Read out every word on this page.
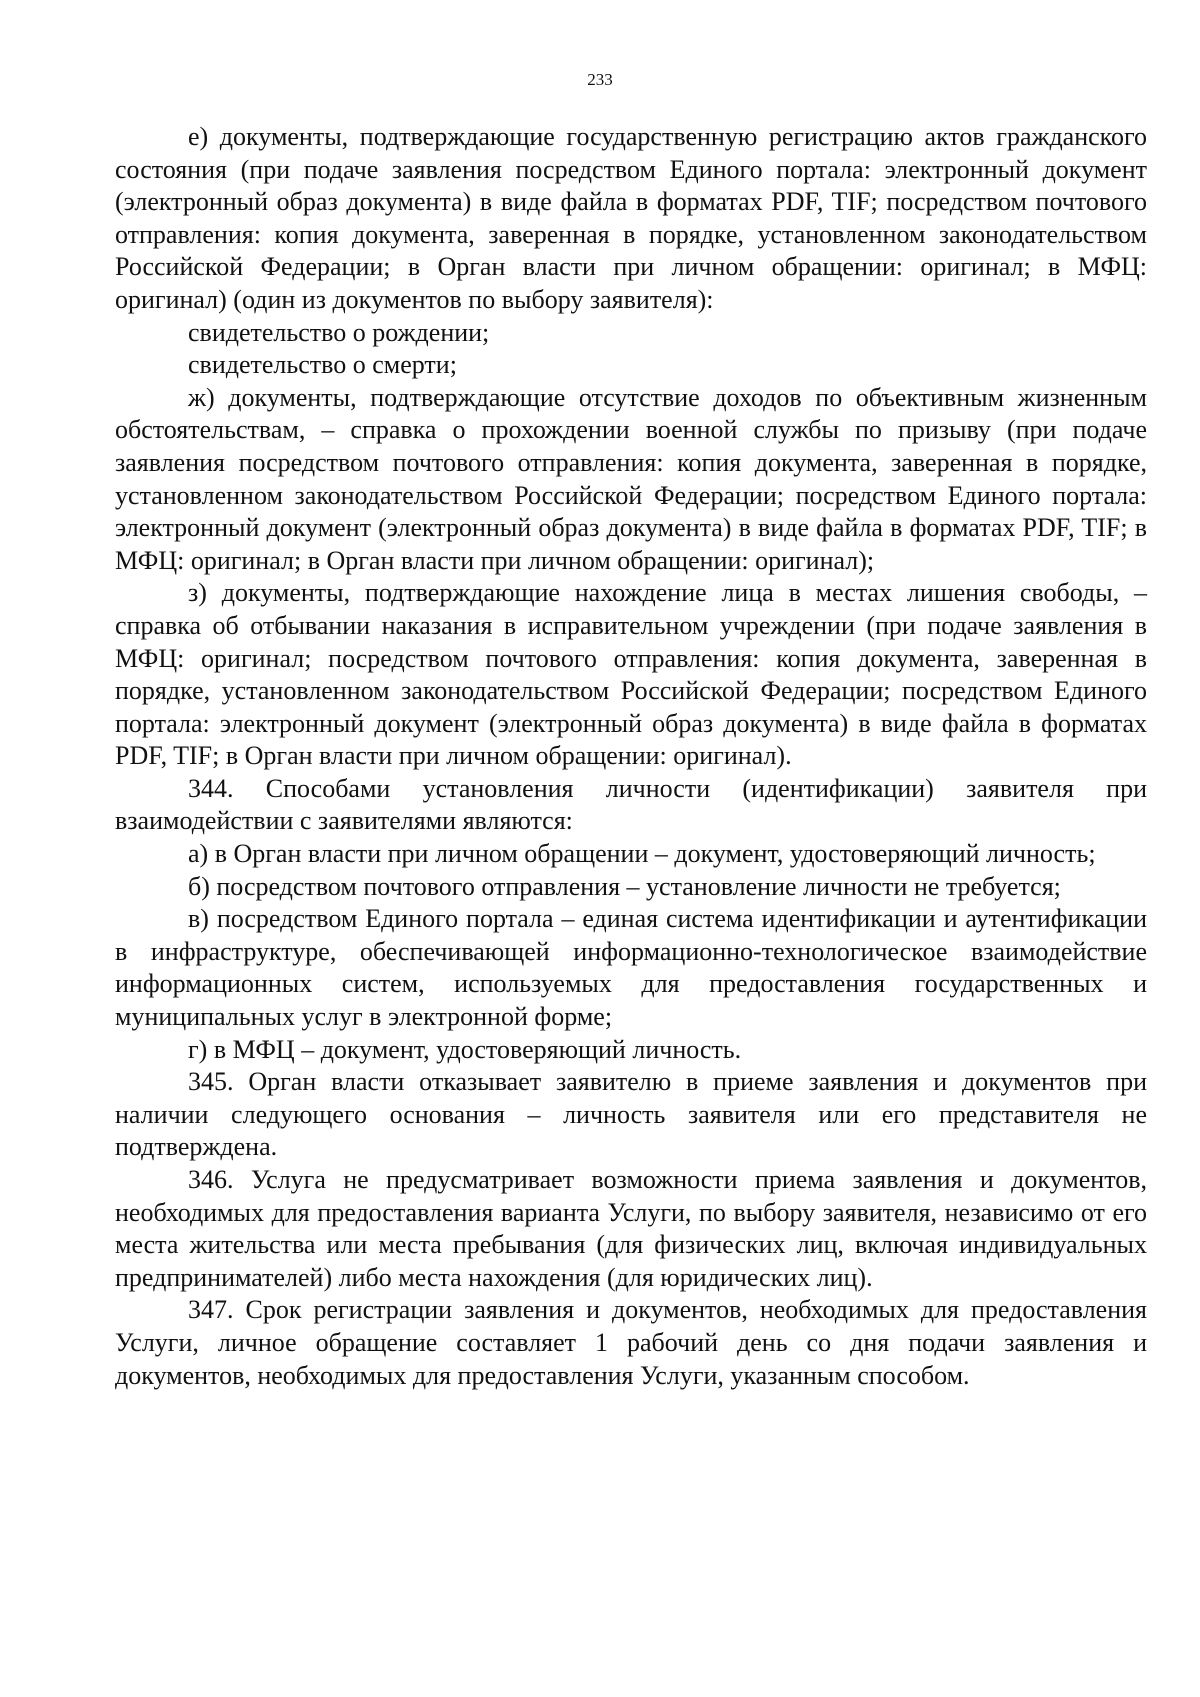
233

е) документы, подтверждающие государственную регистрацию актов гражданского состояния (при подаче заявления посредством Единого портала: электронный документ (электронный образ документа) в виде файла в форматах PDF, TIF; посредством почтового отправления: копия документа, заверенная в порядке, установленном законодательством Российской Федерации; в Орган власти при личном обращении: оригинал; в МФЦ: оригинал) (один из документов по выбору заявителя):

свидетельство о рождении;

свидетельство о смерти;

ж) документы, подтверждающие отсутствие доходов по объективным жизненным обстоятельствам, – справка о прохождении военной службы по призыву (при подаче заявления посредством почтового отправления: копия документа, заверенная в порядке, установленном законодательством Российской Федерации; посредством Единого портала: электронный документ (электронный образ документа) в виде файла в форматах PDF, TIF; в МФЦ: оригинал; в Орган власти при личном обращении: оригинал);

з) документы, подтверждающие нахождение лица в местах лишения свободы, – справка об отбывании наказания в исправительном учреждении (при подаче заявления в МФЦ: оригинал; посредством почтового отправления: копия документа, заверенная в порядке, установленном законодательством Российской Федерации; посредством Единого портала: электронный документ (электронный образ документа) в виде файла в форматах PDF, TIF; в Орган власти при личном обращении: оригинал).

344. Способами установления личности (идентификации) заявителя при взаимодействии с заявителями являются:

а) в Орган власти при личном обращении – документ, удостоверяющий личность;

б) посредством почтового отправления – установление личности не требуется;

в) посредством Единого портала – единая система идентификации и аутентификации в инфраструктуре, обеспечивающей информационно-технологическое взаимодействие информационных систем, используемых для предоставления государственных и муниципальных услуг в электронной форме;

г) в МФЦ – документ, удостоверяющий личность.

345. Орган власти отказывает заявителю в приеме заявления и документов при наличии следующего основания – личность заявителя или его представителя не подтверждена.

346. Услуга не предусматривает возможности приема заявления и документов, необходимых для предоставления варианта Услуги, по выбору заявителя, независимо от его места жительства или места пребывания (для физических лиц, включая индивидуальных предпринимателей) либо места нахождения (для юридических лиц).

347. Срок регистрации заявления и документов, необходимых для предоставления Услуги, личное обращение составляет 1 рабочий день со дня подачи заявления и документов, необходимых для предоставления Услуги, указанным способом.
